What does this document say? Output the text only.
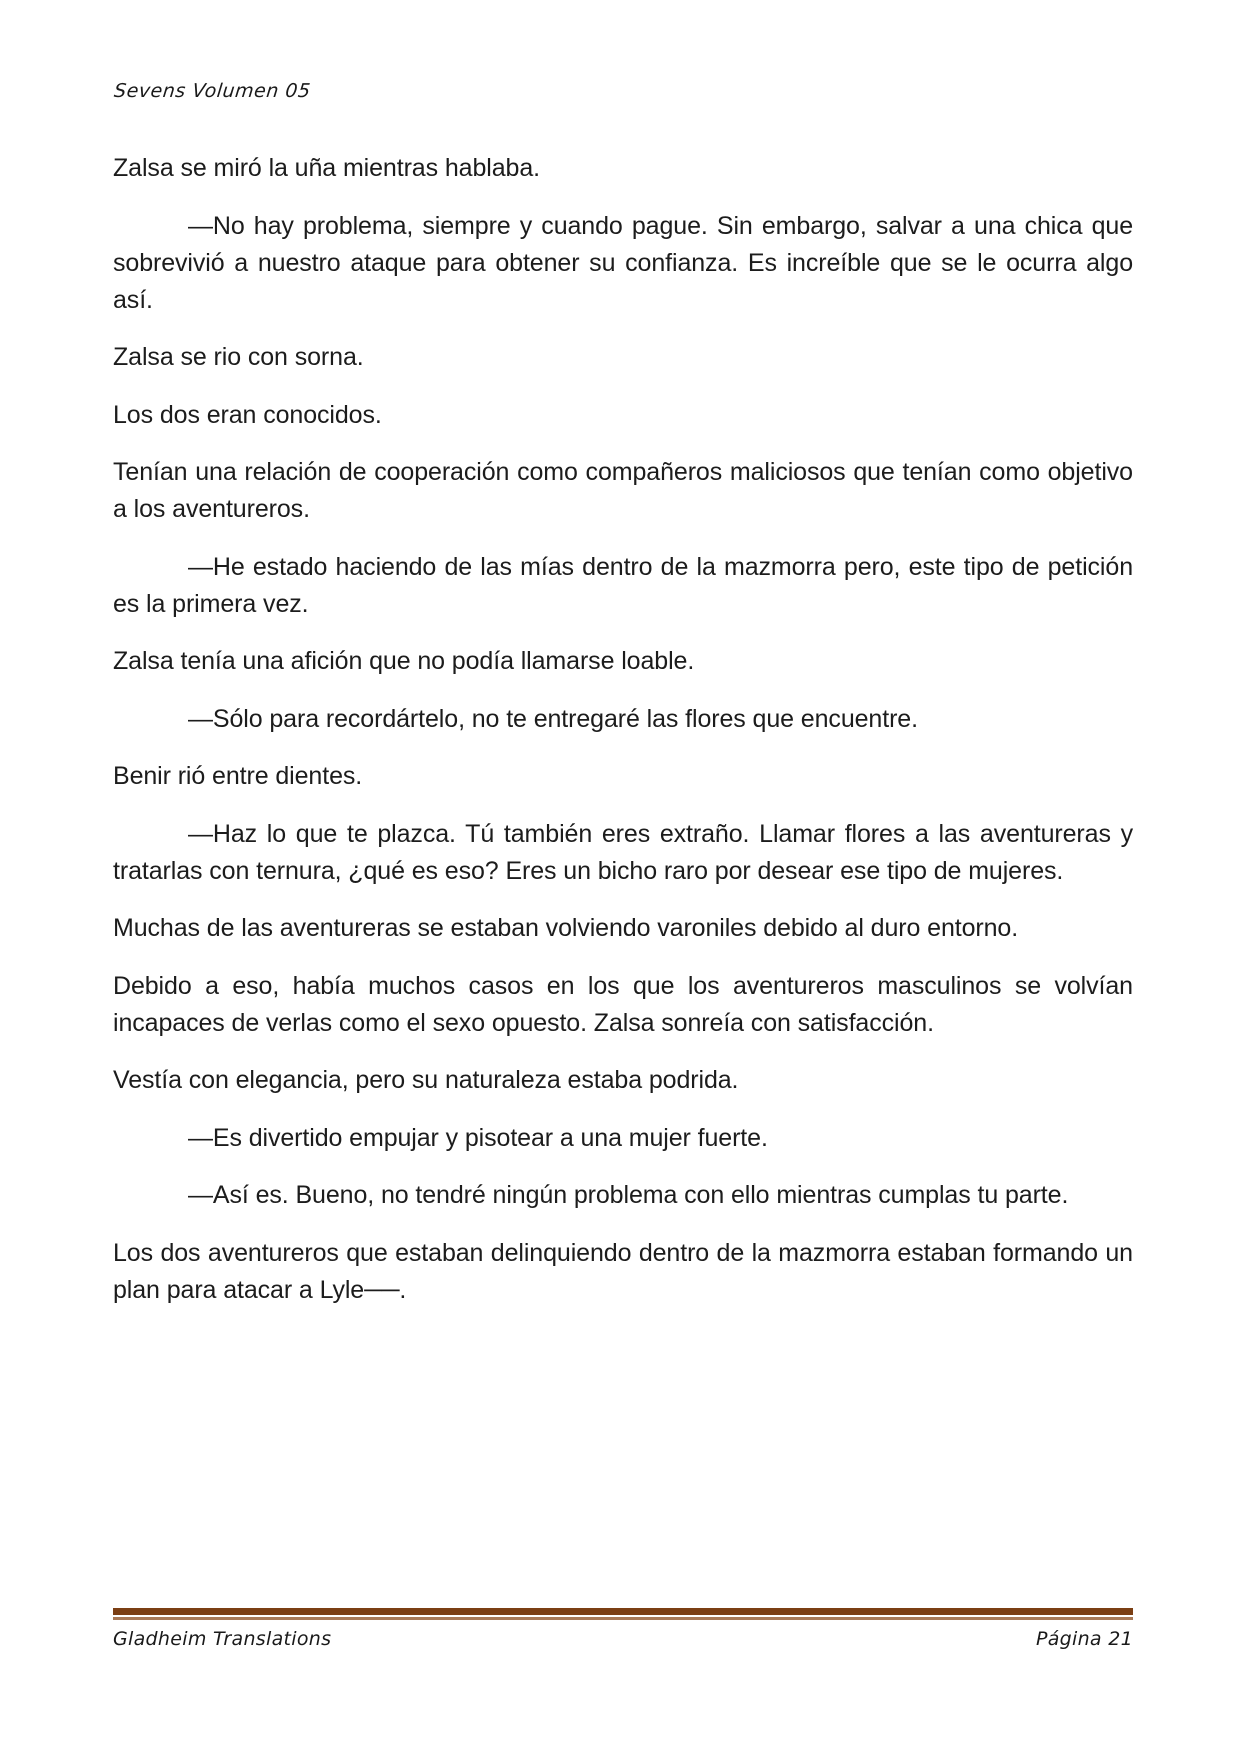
Sevens Volumen 05

Zalsa se miró la uña mientras hablaba.

—No hay problema, siempre y cuando pague. Sin embargo, salvar a una chica que sobrevivió a nuestro ataque para obtener su confianza. Es increíble que se le ocurra algo así.

Zalsa se rio con sorna.

Los dos eran conocidos.

Tenían una relación de cooperación como compañeros maliciosos que tenían como objetivo a los aventureros.

—He estado haciendo de las mías dentro de la mazmorra pero, este tipo de petición es la primera vez.

Zalsa tenía una afición que no podía llamarse loable.

—Sólo para recordártelo, no te entregaré las flores que encuentre.

Benir rió entre dientes.

—Haz lo que te plazca. Tú también eres extraño. Llamar flores a las aventureras y tratarlas con ternura, ¿qué es eso? Eres un bicho raro por desear ese tipo de mujeres.

Muchas de las aventureras se estaban volviendo varoniles debido al duro entorno.

Debido a eso, había muchos casos en los que los aventureros masculinos se volvían incapaces de verlas como el sexo opuesto. Zalsa sonreía con satisfacción.

Vestía con elegancia, pero su naturaleza estaba podrida.

—Es divertido empujar y pisotear a una mujer fuerte.

—Así es. Bueno, no tendré ningún problema con ello mientras cumplas tu parte.

Los dos aventureros que estaban delinquiendo dentro de la mazmorra estaban formando un plan para atacar a Lyle──.

Gladheim Translations	Página 21
